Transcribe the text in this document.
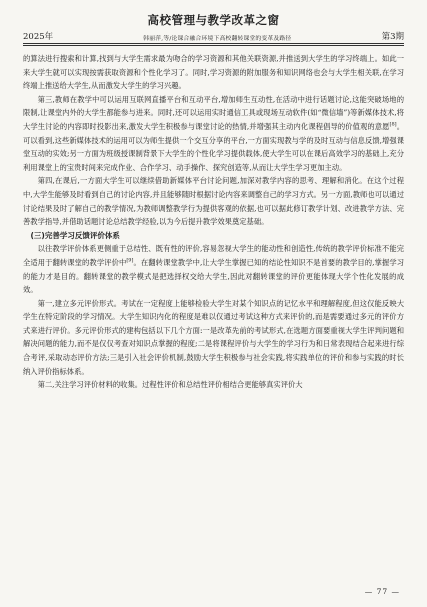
高校管理与教学改革之窗
2025年	韩丽萍,等/论课合融合环境下高校翻转课堂的变革及路径	第3期

的算法进行搜索和计算,找到与大学生需求最为吻合的学习资源和其他关联资源,并推送到大学生的学习终端上。如此一来大学生就可以实现按需获取资源和个性化学习了。同时,学习资源的附加服务和知识网络也会与大学生相关联,在学习终端上推送给大学生,从而激发大学生的学习兴趣。

第三,教师在教学中可以运用互联网直播平台和互动平台,增加师生互动性,在活动中进行话题讨论,这能突破场地的限制,让课堂内外的大学生都能参与进来。同时,还可以运用实时通信工具或现场互动软件(如“微信墙”)等新媒体技术,将大学生讨论的内容即时投影出来,激发大学生积极参与课堂讨论的热情,并增强其主动内化课程倡导的价值观的意愿[8]。可以看到,这些新媒体技术的运用可以为师生提供一个交互分享的平台,一方面实现教与学的及时互动与信息反馈,增强课堂互动的实效;另一方面为班级授课制背景下大学生的个性化学习提供载体,使大学生可以在课后高效学习的基础上,充分利用课堂上的宝贵时间来完成作业、合作学习、动手操作、探究创造等,从而让大学生学习更加主动。

第四,在课后,一方面大学生可以继续借助新媒体平台讨论问题,加深对教学内容的思考、理解和消化。在这个过程中,大学生能够及时看到自己的讨论内容,并且能够随时根据讨论内容来调整自己的学习方式。另一方面,教师也可以通过讨论结果及时了解自己的教学情况,为教师调整教学行为提供客观的依据,也可以据此修订教学计划、改进教学方法、完善教学指导,并借助话题讨论总结教学经验,以为今后提升教学效果奠定基础。

(三)完善学习反馈评价体系

以往教学评价体系更侧重于总结性、既有性的评价,容易忽视大学生的能动性和创造性,传统的教学评价标准不能完全适用于翻转课堂的教学评价中[9]。在翻转课堂教学中,让大学生掌握已知的结论性知识不是首要的教学目的,掌握学习的能力才是目的。翻转课堂的教学模式是把选择权交给大学生,因此对翻转课堂的评价更能体现大学个性化发展的成效。

第一,建立多元评价形式。考试在一定程度上能够检验大学生对某个知识点的记忆水平和理解程度,但这仅能反映大学生在特定阶段的学习情况。大学生知识内化的程度是难以仅通过考试这种方式来评价的,而是需要通过多元的评价方式来进行评价。多元评价形式的建构包括以下几个方面:一是改革先前的考试形式,在选题方面要重视大学生评判问题和解决问题的能力,而不是仅仅考查对知识点掌握的程度;二是将课程评价与大学生的学习行为和日常表现结合起来进行综合考评,采取动态评价方法;三是引入社会评价机制,鼓励大学生积极参与社会实践,将实践单位的评价和参与实践的时长纳入评价指标体系。

第二,关注学习评价材料的收集。过程性评价和总结性评价相结合更能够真实评价大

— 77 —
